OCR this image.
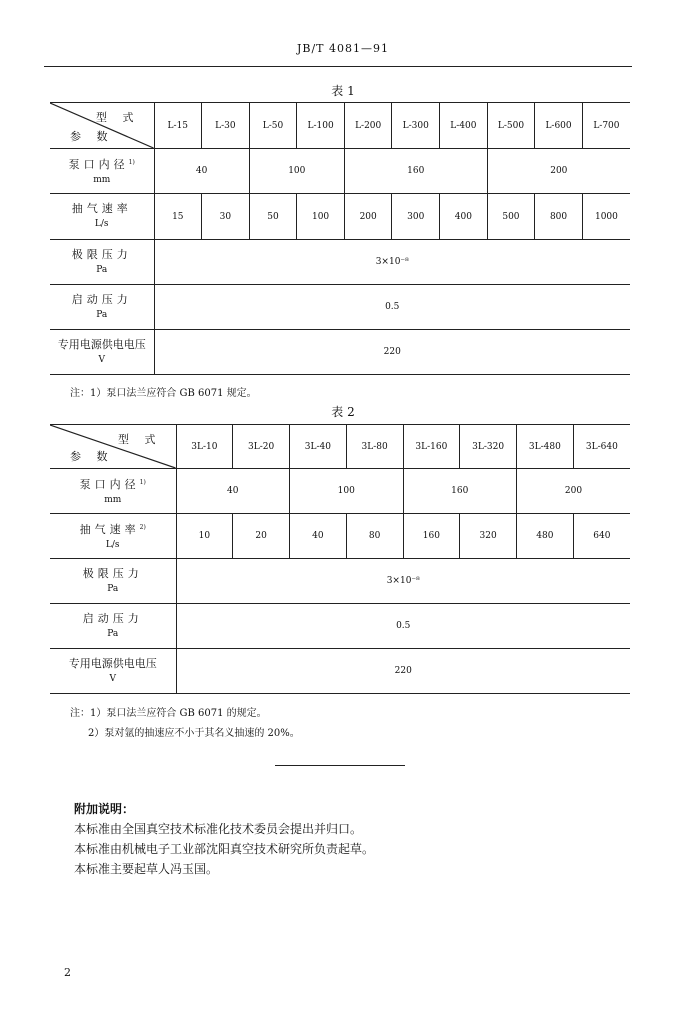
JB/T 4081—91
表 1
型 式
参 数	L-15	L-30	L-50	L-100	L-200	L-300	L-400	L-500	L-600	L-700
泵口内径$^{1)}$
mm	40		100		160			200		
抽气速率
L/s	15	30	50	100	200	300	400	500	800	1000
极限压力
Pa	3×10⁻⁸									
启动压力
Pa	0.5									
专用电源供电电压
V	220									
注：1）泵口法兰应符合 GB 6071 规定。
表 2
型 式
参 数	3L-10	3L-20	3L-40	3L-80	3L-160	3L-320	3L-480	3L-640
泵口内径$^{1)}$
mm	40		100		160		200	
抽气速率$^{2)}$
L/s	10	20	40	80	160	320	480	640
极限压力
Pa	3×10⁻⁸							
启动压力
Pa	0.5							
专用电源供电电压
V	220							
注：1）泵口法兰应符合 GB 6071 的规定。
2）泵对氩的抽速应不小于其名义抽速的 20%。
附加说明：
本标准由全国真空技术标准化技术委员会提出并归口。
本标准由机械电子工业部沈阳真空技术研究所负责起草。
本标准主要起草人冯玉国。
2
